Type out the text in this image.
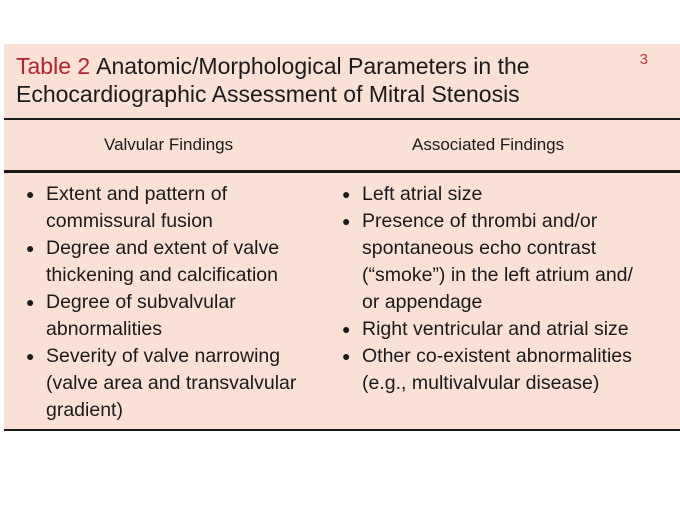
Table 2 Anatomic/Morphological Parameters in the
Echocardiographic Assessment of Mitral Stenosis
3
Valvular Findings	Associated Findings
● Extent and pattern of
commissural fusion
● Degree and extent of valve
thickening and calcification
● Degree of subvalvular
abnormalities
● Severity of valve narrowing
(valve area and transvalvular
gradient)
● Left atrial size
● Presence of thrombi and/or
spontaneous echo contrast
(“smoke”) in the left atrium and/
or appendage
● Right ventricular and atrial size
● Other co-existent abnormalities
(e.g., multivalvular disease)
